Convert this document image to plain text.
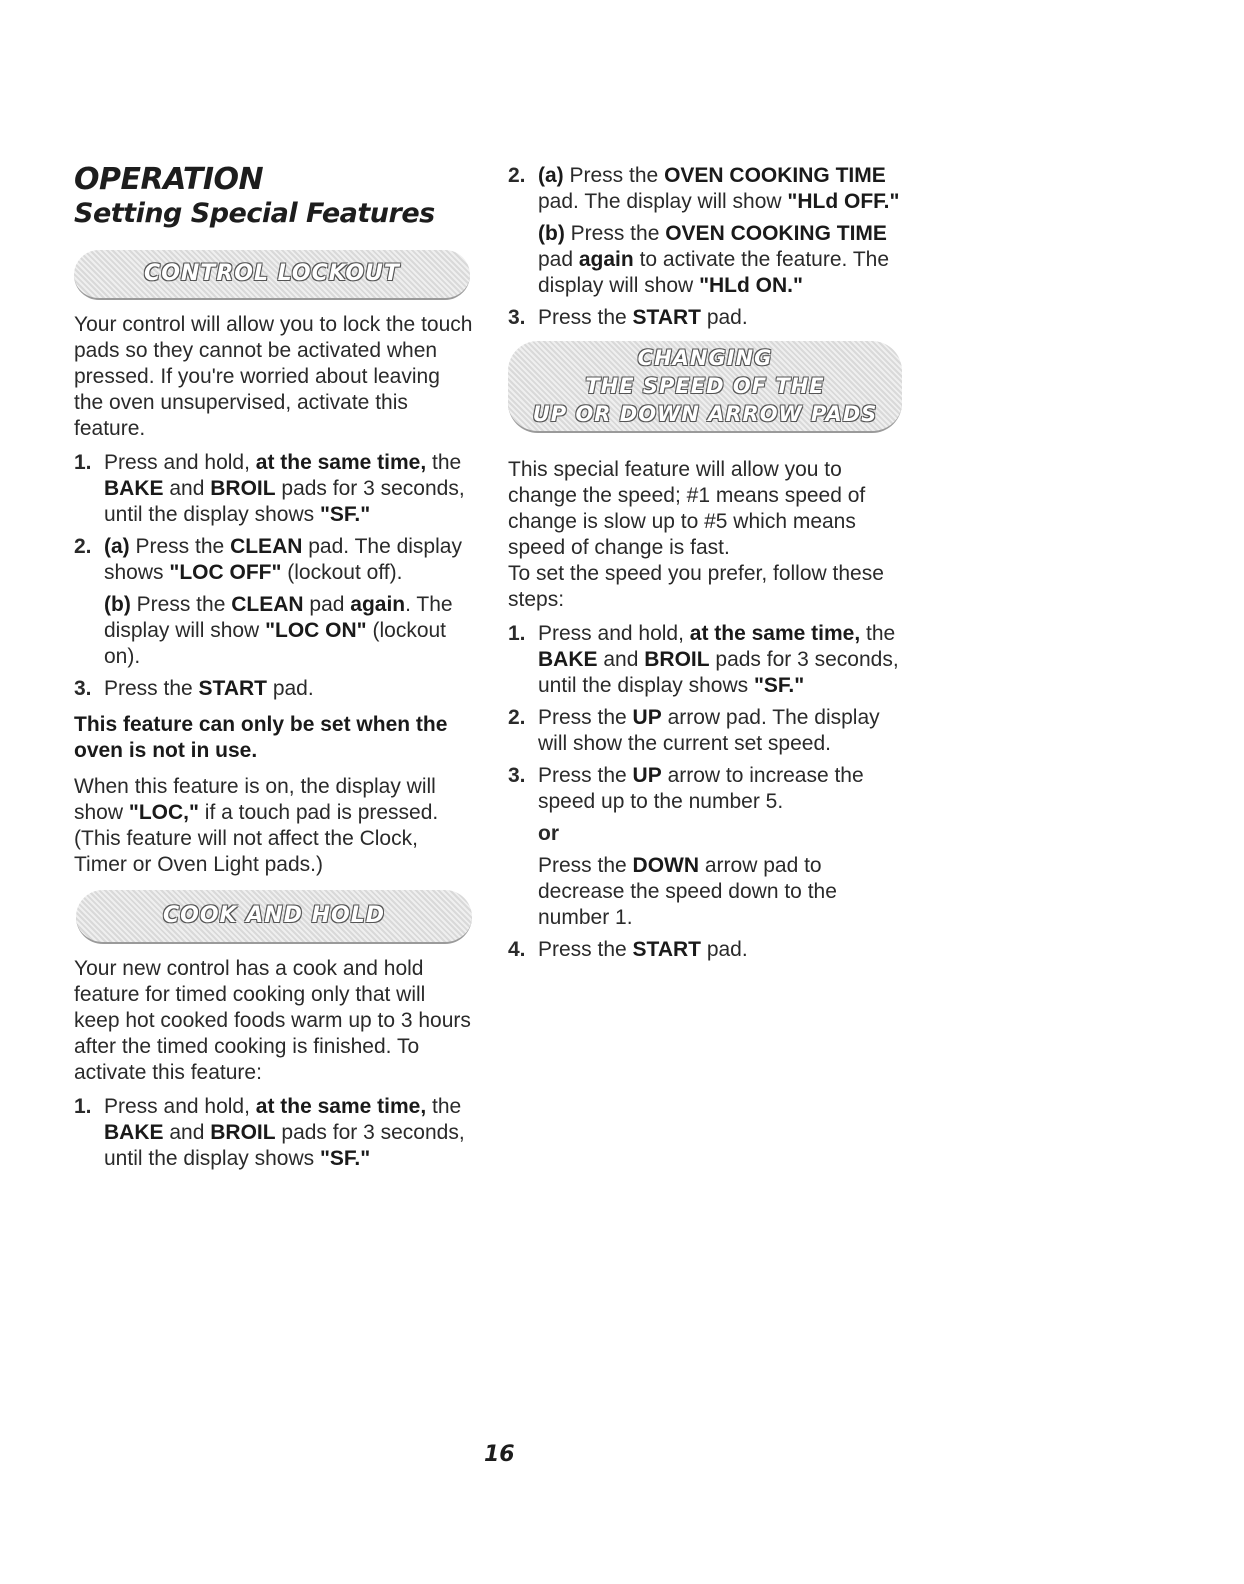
OPERATION
Setting Special Features
CONTROL LOCKOUT

Your control will allow you to lock the touch pads so they cannot be activated when pressed. If you're worried about leaving the oven unsupervised, activate this feature.

1. Press and hold, at the same time, the BAKE and BROIL pads for 3 seconds, until the display shows "SF."
2. (a) Press the CLEAN pad. The display shows "LOC OFF" (lockout off).
(b) Press the CLEAN pad again. The display will show "LOC ON" (lockout on).
3. Press the START pad.

This feature can only be set when the oven is not in use.

When this feature is on, the display will show "LOC," if a touch pad is pressed. (This feature will not affect the Clock, Timer or Oven Light pads.)

COOK AND HOLD

Your new control has a cook and hold feature for timed cooking only that will keep hot cooked foods warm up to 3 hours after the timed cooking is finished. To activate this feature:

1. Press and hold, at the same time, the BAKE and BROIL pads for 3 seconds, until the display shows "SF."
2. (a) Press the OVEN COOKING TIME pad. The display will show "HLd OFF."
(b) Press the OVEN COOKING TIME pad again to activate the feature. The display will show "HLd ON."
3. Press the START pad.
CHANGING
THE SPEED OF THE
UP OR DOWN ARROW PADS

This special feature will allow you to change the speed; #1 means speed of change is slow up to #5 which means speed of change is fast.

To set the speed you prefer, follow these steps:

1. Press and hold, at the same time, the BAKE and BROIL pads for 3 seconds, until the display shows "SF."
2. Press the UP arrow pad. The display will show the current set speed.
3. Press the UP arrow to increase the speed up to the number 5.
or
Press the DOWN arrow pad to decrease the speed down to the number 1.
4. Press the START pad.
16
